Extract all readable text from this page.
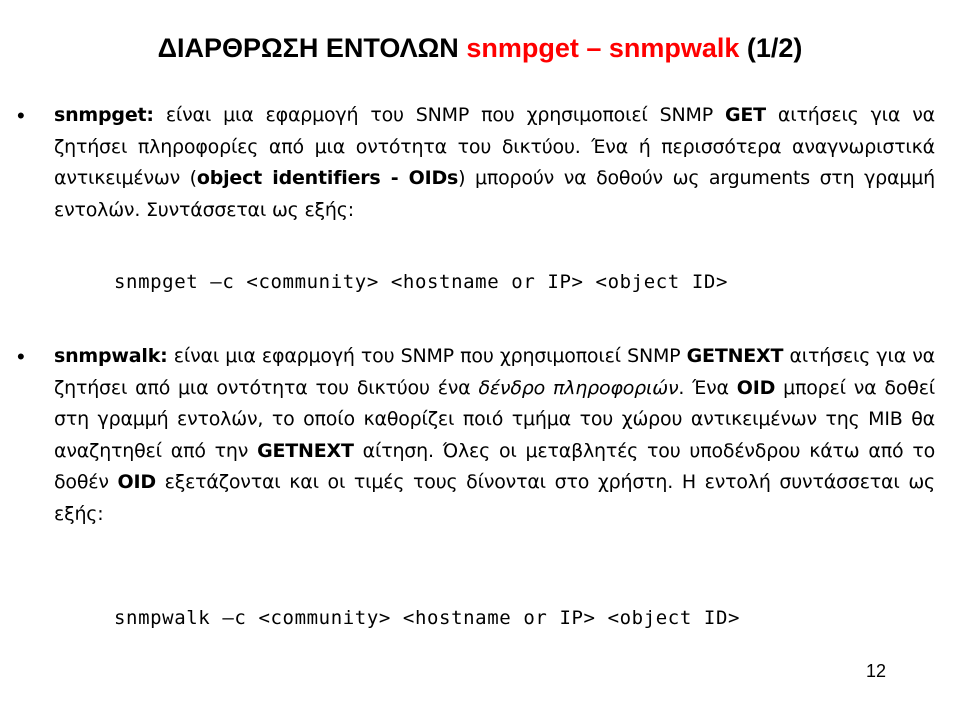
ΔΙΑΡΘΡΩΣΗ ΕΝΤΟΛΩΝ snmpget – snmpwalk (1/2)
• snmpget: είναι μια εφαρμογή του SNMP που χρησιμοποιεί SNMP GET αιτήσεις για να ζητήσει πληροφορίες από μια οντότητα του δικτύου. Ένα ή περισσότερα αναγνωριστικά αντικειμένων (object identifiers - OIDs) μπορούν να δοθούν ως arguments στη γραμμή εντολών. Συντάσσεται ως εξής:
snmpget –c <community> <hostname or IP> <object ID>
• snmpwalk: είναι μια εφαρμογή του SNMP που χρησιμοποιεί SNMP GETNEXT αιτήσεις για να ζητήσει από μια οντότητα του δικτύου ένα δένδρο πληροφοριών. Ένα OID μπορεί να δοθεί στη γραμμή εντολών, το οποίο καθορίζει ποιό τμήμα του χώρου αντικειμένων της MIB θα αναζητηθεί από την GETNEXT αίτηση. Όλες οι μεταβλητές του υποδένδρου κάτω από το δοθέν OID εξετάζονται και οι τιμές τους δίνονται στο χρήστη. Η εντολή συντάσσεται ως εξής:
snmpwalk –c <community> <hostname or IP> <object ID>
12
